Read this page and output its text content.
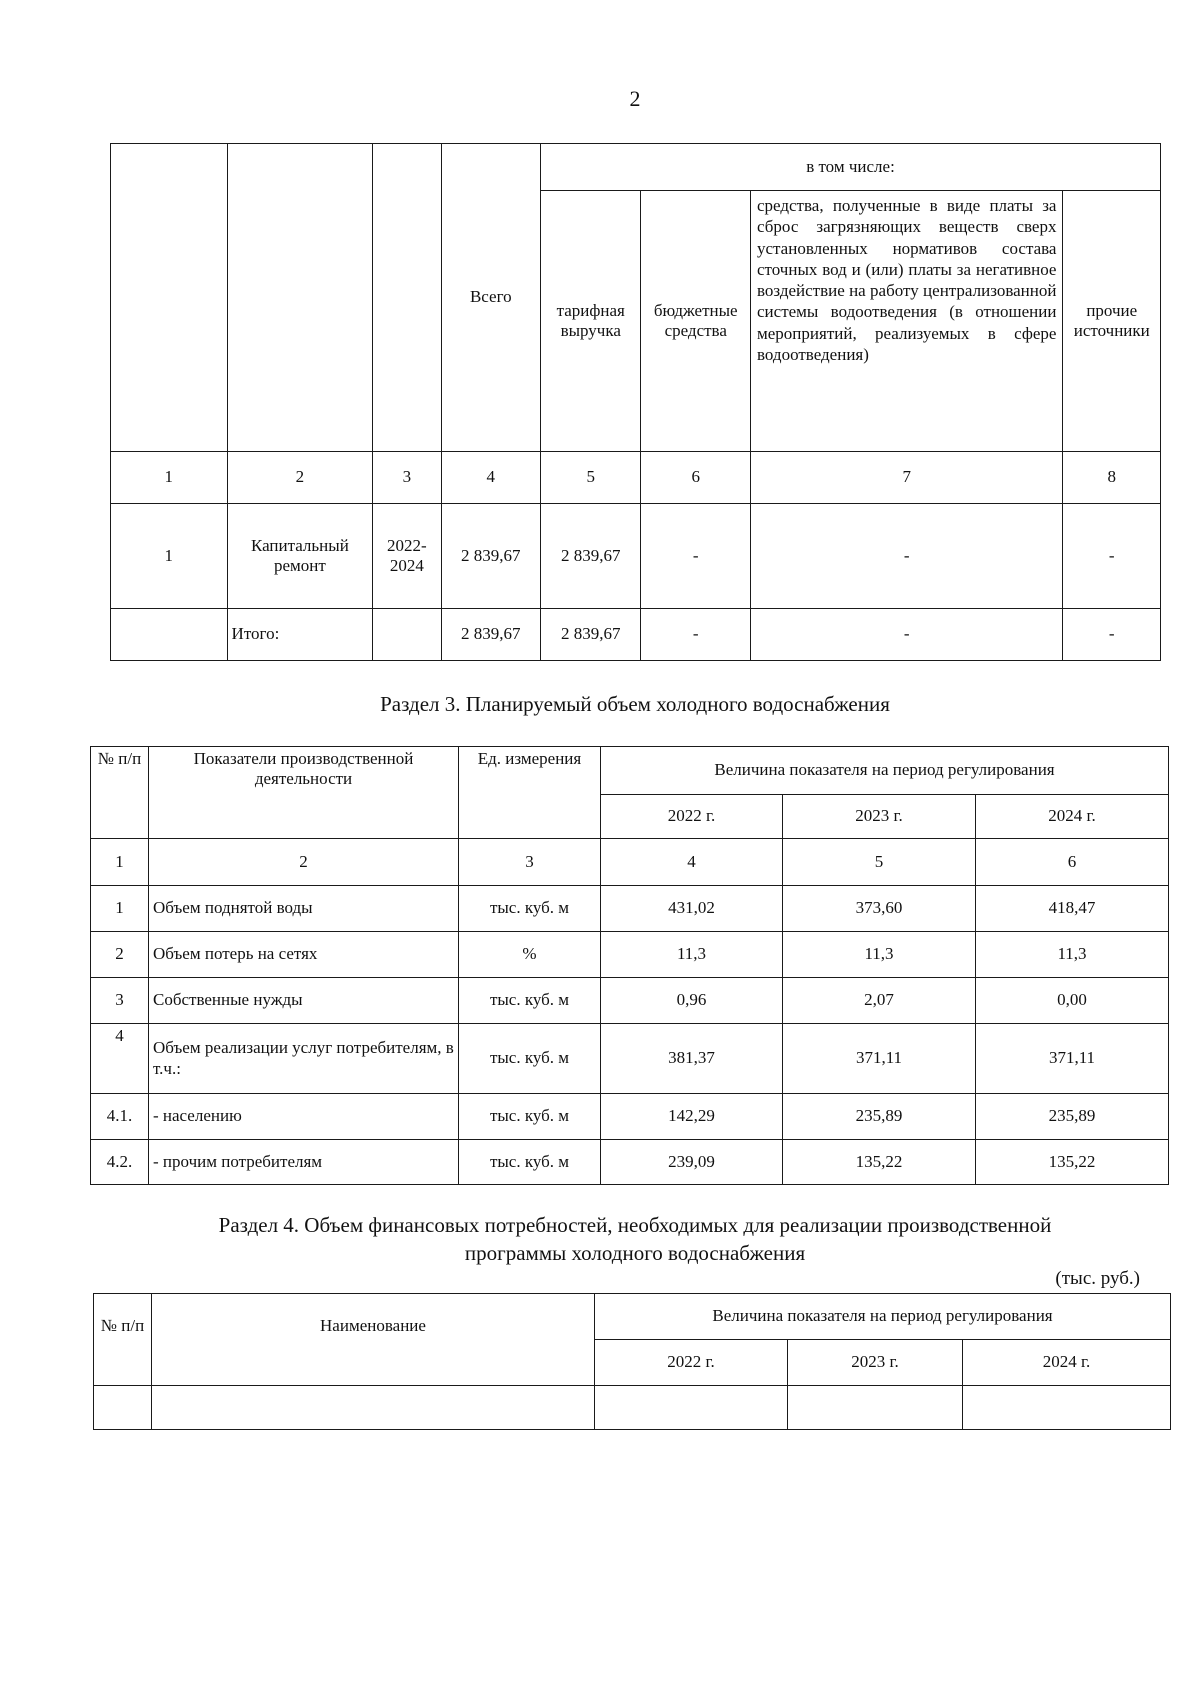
2
			Всего	в том числе:			
				тарифная выручка	бюджетные средства	средства, полученные в виде платы за сброс загрязняющих веществ сверх установленных нормативов состава сточных вод и (или) платы за негативное воздействие на работу централизованной системы водоотведения (в отношении мероприятий, реализуемых в сфере водоотведения)	прочие источники
1	2	3	4	5	6	7	8
1	Капитальный ремонт	2022-2024	2 839,67	2 839,67	-	-	-
	Итого:		2 839,67	2 839,67	-	-	-
Раздел 3. Планируемый объем холодного водоснабжения
№ п/п	Показатели производственной деятельности	Ед. измерения	Величина показателя на период регулирования		
			2022 г.	2023 г.	2024 г.
1	2	3	4	5	6
1	Объем поднятой воды	тыс. куб. м	431,02	373,60	418,47
2	Объем потерь на сетях	%	11,3	11,3	11,3
3	Собственные нужды	тыс. куб. м	0,96	2,07	0,00
4	Объем реализации услуг потребителям, в т.ч.:	тыс. куб. м	381,37	371,11	371,11
4.1.	- населению	тыс. куб. м	142,29	235,89	235,89
4.2.	- прочим потребителям	тыс. куб. м	239,09	135,22	135,22
Раздел 4. Объем финансовых потребностей, необходимых для реализации производственной
программы холодного водоснабжения
(тыс. руб.)
№ п/п	Наименование	Величина показателя на период регулирования		
		2022 г.	2023 г.	2024 г.
